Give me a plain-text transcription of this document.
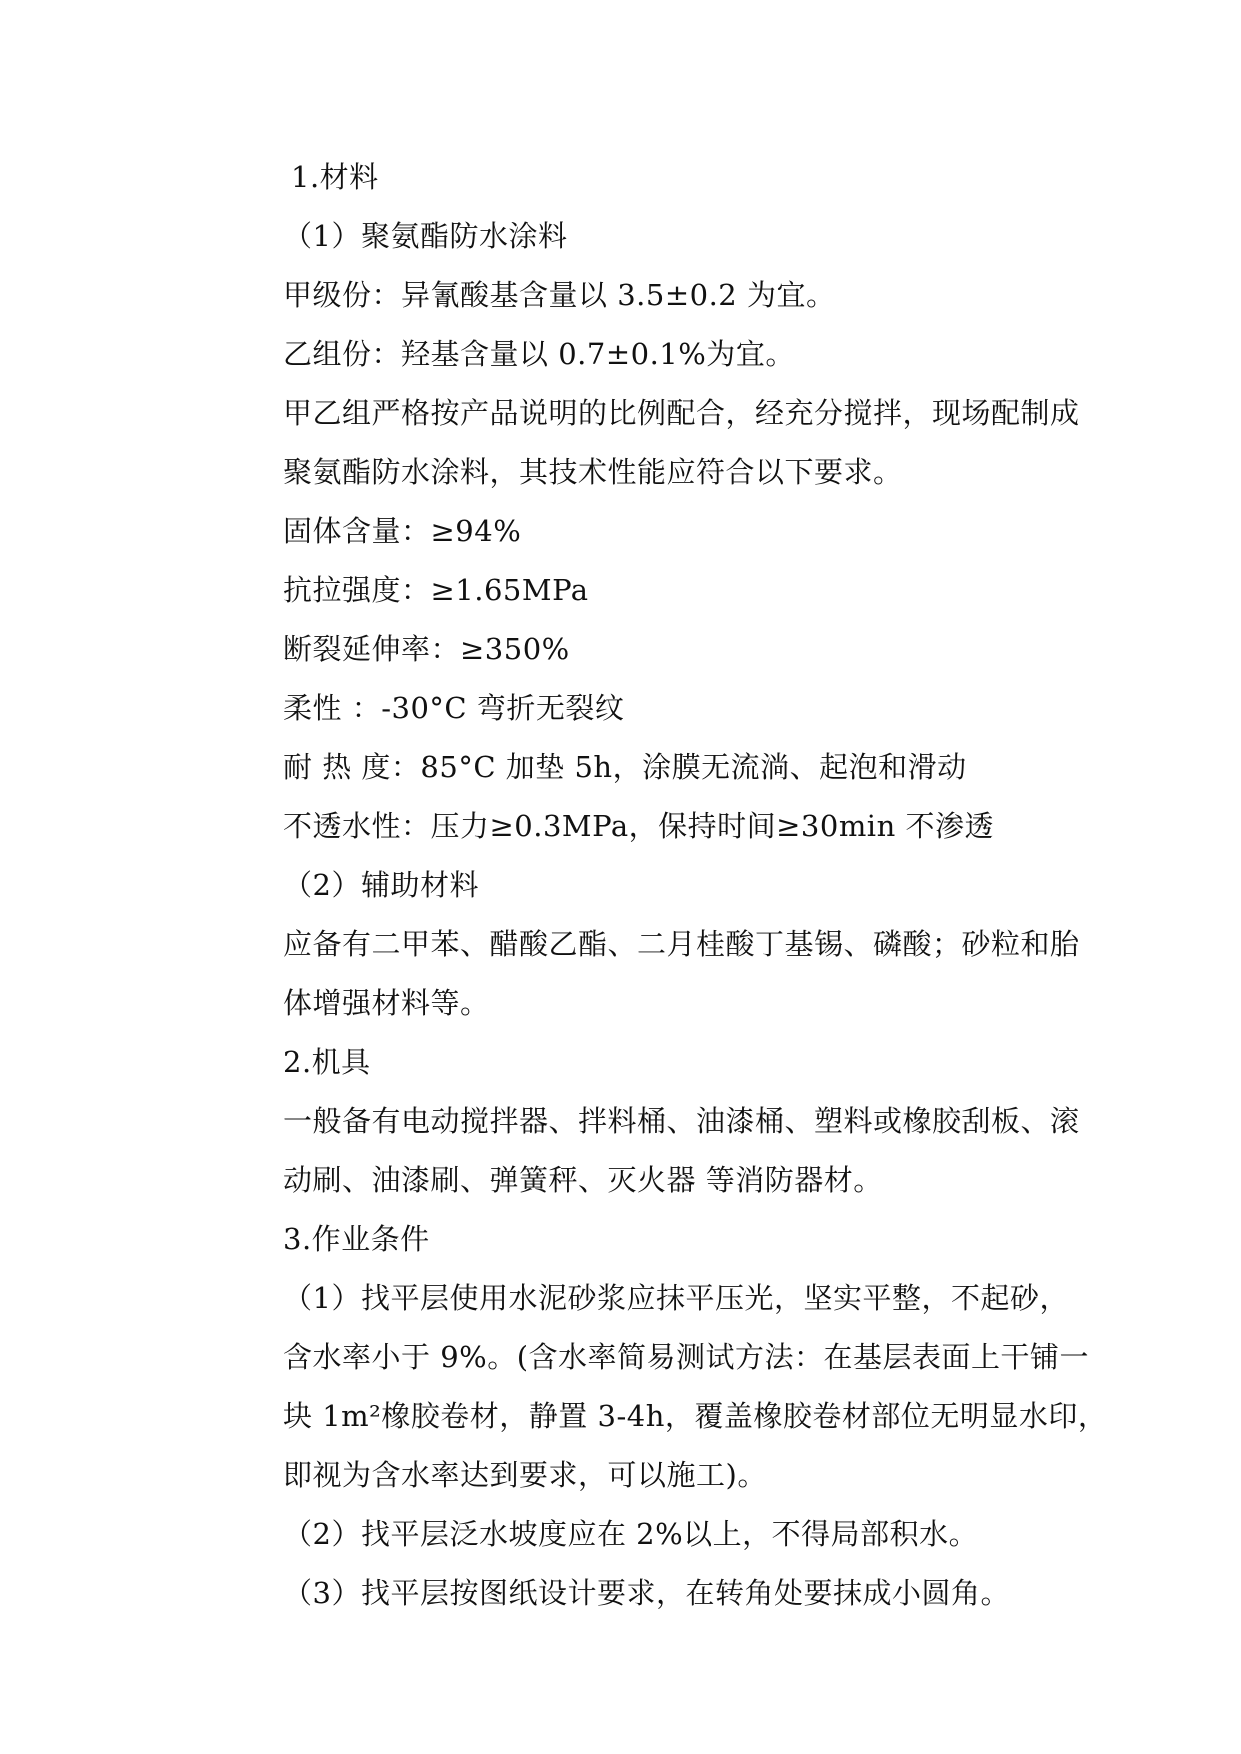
1.材料
（1）聚氨酯防水涂料
甲级份：异氰酸基含量以 3.5±0.2 为宜。
乙组份：羟基含量以 0.7±0.1%为宜。
甲乙组严格按产品说明的比例配合，经充分搅拌，现场配制成
聚氨酯防水涂料，其技术性能应符合以下要求。
固体含量：≥94%
抗拉强度：≥1.65MPa
断裂延伸率：≥350%
柔性 ：-30°C 弯折无裂纹
耐 热 度：85°C 加垫 5h，涂膜无流淌、起泡和滑动
不透水性：压力≥0.3MPa，保持时间≥30min 不渗透
（2）辅助材料
应备有二甲苯、醋酸乙酯、二月桂酸丁基锡、磷酸；砂粒和胎
体增强材料等。
2.机具
一般备有电动搅拌器、拌料桶、油漆桶、塑料或橡胶刮板、滚
动刷、油漆刷、弹簧秤、灭火器 等消防器材。
3.作业条件
（1）找平层使用水泥砂浆应抹平压光，坚实平整，不起砂，
含水率小于 9%。(含水率简易测试方法：在基层表面上干铺一
块 1m²橡胶卷材，静置 3-4h，覆盖橡胶卷材部位无明显水印，
即视为含水率达到要求，可以施工)。
（2）找平层泛水坡度应在 2%以上，不得局部积水。
（3）找平层按图纸设计要求，在转角处要抹成小圆角。
